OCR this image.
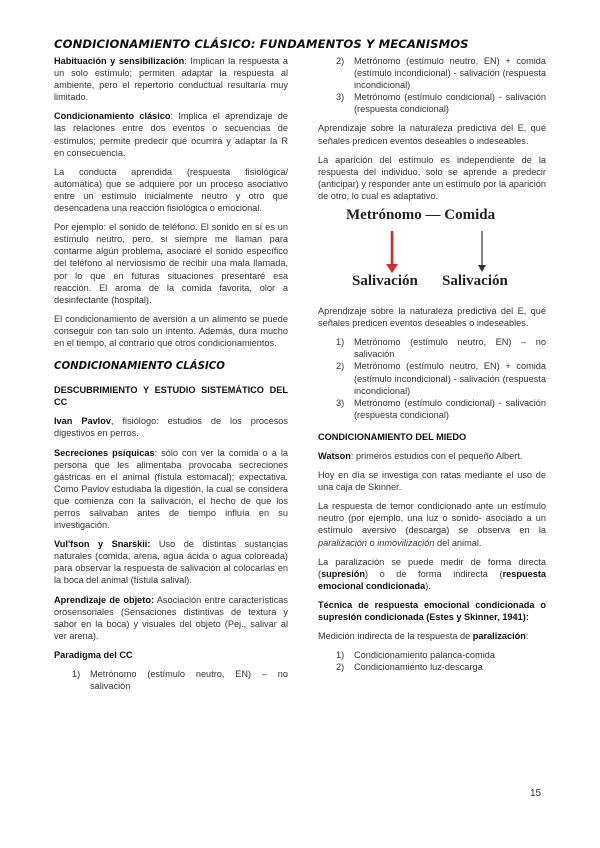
CONDICIONAMIENTO CLÁSICO: FUNDAMENTOS Y MECANISMOS

Habituación y sensibilización: Implican la respuesta a un solo estímulo; permiten adaptar la respuesta al ambiente, pero el repertorio conductual resultaría muy limitado.

Condicionamiento clásico: Implica el aprendizaje de las relaciones entre dos eventos o secuencias de estímulos; permite predecir qué ocurrirá y adaptar la R en consecuencia.

La conducta aprendida (respuesta fisiológica/ automática) que se adquiere por un proceso asociativo entre un estímulo inicialmente neutro y otro que desencadena una reacción fisiológica o emocional.

Por ejemplo: el sonido de teléfono. El sonido en sí es un estímulo neutro, pero, si siempre me llaman para contarme algún problema, asociaré el sonido específico del teléfono al nerviosismo de recibir una mala llamada, por lo que en futuras situaciones presentaré esa reacción. El aroma de la comida favorita, olor a desinfectante (hospital).

El condicionamiento de aversión a un alimento se puede conseguir con tan solo un intento. Además, dura mucho en el tiempo, al contrario que otros condicionamientos.

CONDICIONAMIENTO CLÁSICO
DESCUBRIMIENTO Y ESTUDIO SISTEMÁTICO DEL CC

Ivan Pavlov, fisiólogo: estudios de los procesos digestivos en perros.

Secreciones psíquicas: sólo con ver la comida o a la persona que les alimentaba provocaba secreciones gástricas en el animal (fístula estomacal); expectativa. Como Pavlov estudiaba la digestión, la cual se considera que comienza con la salivación, el hecho de que los perros salivaban antes de tiempo influía en su investigación.

Vul'fson y Snarskii: Uso de distintas sustancias naturales (comida, arena, agua ácida o agua coloreada) para observar la respuesta de salivación al colocarlas en la boca del animal (fístula salival).

Aprendizaje de objeto: Asociación entre características orosensoriales (Sensaciones distintivas de textura y sabor en la boca) y visuales del objeto (Pej., salivar al ver arena).

Paradigma del CC
1) Metrónomo (estímulo neutro, EN) – no salivación
2) Metrónomo (estímulo neutro, EN) + comida (estímulo incondicional) - salivación (respuesta incondicional)
3) Metrónomo (estímulo condicional) - salivación (respuesta condicional)

Aprendizaje sobre la naturaleza predictiva del E, qué señales predicen eventos deseables o indeseables.

La aparición del estímulo es independiente de la respuesta del individuo, solo se aprende a predecir (anticipar) y responder ante un estímulo por la aparición de otro, lo cual es adaptativo.

Metrónomo — Comida
Salivación Salivación

Aprendizaje sobre la naturaleza predictiva del E, qué señales predicen eventos deseables o indeseables.

1) Metrónomo (estímulo neutro, EN) – no salivación
2) Metrónomo (estímulo neutro, EN) + comida (estímulo incondicional) - salivación (respuesta incondicional)
3) Metrónomo (estímulo condicional) - salivación (respuesta condicional)
CONDICIONAMIENTO DEL MIEDO

Watson: primeros estudios con el pequeño Albert.

Hoy en día se investiga con ratas mediante el uso de una caja de Skinner.

La respuesta de temor condicionado ante un estímulo neutro (por ejemplo, una luz o sonido- asociado a un estímulo aversivo (descarga) se observa en la paralización o inmovilización del animal.

La paralización se puede medir de forma directa (supresión) o de forma indirecta (respuesta emocional condicionada).

Técnica de respuesta emocional condicionada o supresión condicionada (Estes y Skinner, 1941):

Medición indirecta de la respuesta de paralización:

1) Condicionamiento palanca-comida
2) Condicionamiento luz-descarga
15
